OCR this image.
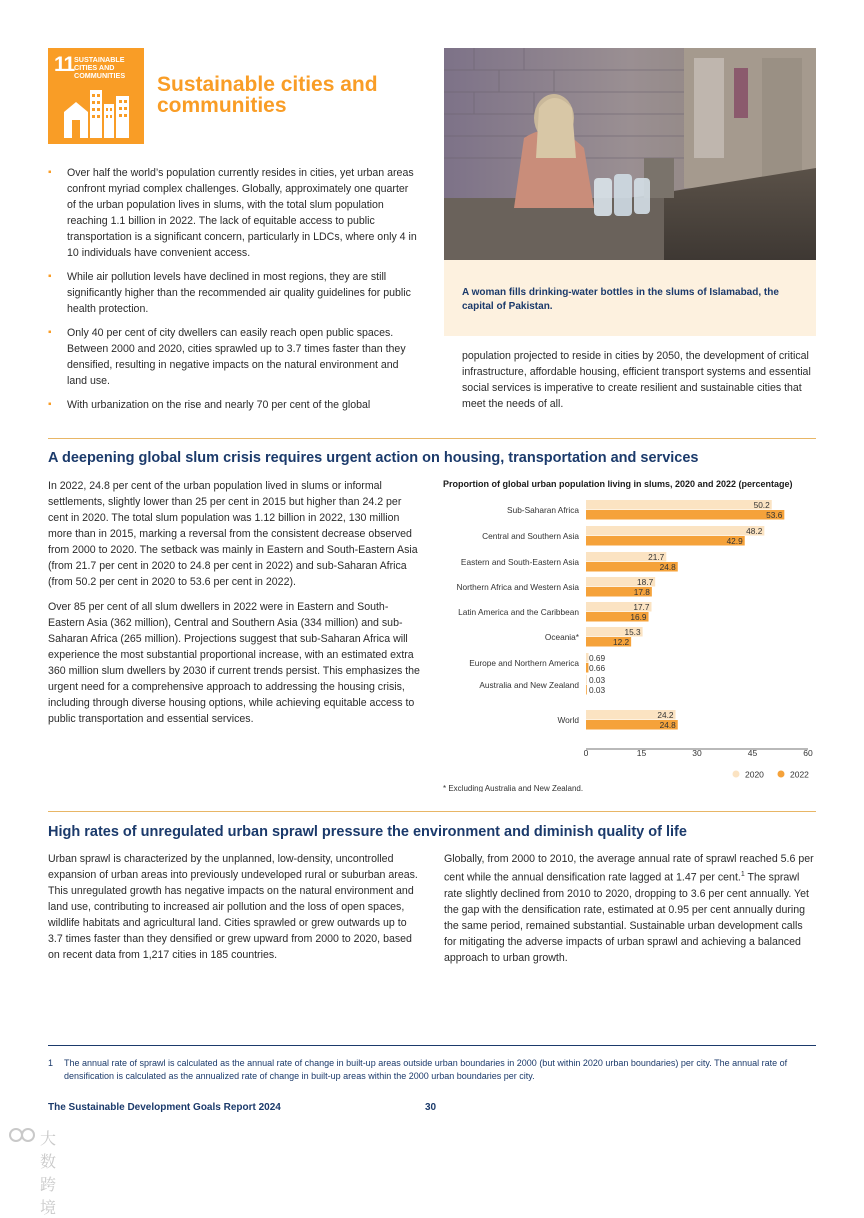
11 SUSTAINABLE CITIES AND COMMUNITIES	Sustainable cities and communities
▪ Over half the world’s population currently resides in cities, yet urban areas confront myriad complex challenges. Globally, approximately one quarter of the urban population lives in slums, with the total slum population reaching 1.1 billion in 2022. The lack of equitable access to public transportation is a significant concern, particularly in LDCs, where only 4 in 10 individuals have convenient access.
▪ While air pollution levels have declined in most regions, they are still significantly higher than the recommended air quality guidelines for public health protection.
▪ Only 40 per cent of city dwellers can easily reach open public spaces. Between 2000 and 2020, cities sprawled up to 3.7 times faster than they densified, resulting in negative impacts on the natural environment and land use.
▪ With urbanization on the rise and nearly 70 per cent of the global
A woman fills drinking-water bottles in the slums of Islamabad, the capital of Pakistan.
population projected to reside in cities by 2050, the development of critical infrastructure, affordable housing, efficient transport systems and essential social services is imperative to create resilient and sustainable cities that meet the needs of all.
A deepening global slum crisis requires urgent action on housing, transportation and services
In 2022, 24.8 per cent of the urban population lived in slums or informal settlements, slightly lower than 25 per cent in 2015 but higher than 24.2 per cent in 2020. The total slum population was 1.12 billion in 2022, 130 million more than in 2015, marking a reversal from the consistent decrease observed from 2000 to 2020. The setback was mainly in Eastern and South-Eastern Asia (from 21.7 per cent in 2020 to 24.8 per cent in 2022) and sub-Saharan Africa (from 50.2 per cent in 2020 to 53.6 per cent in 2022).
Over 85 per cent of all slum dwellers in 2022 were in Eastern and South-Eastern Asia (362 million), Central and Southern Asia (334 million) and sub-Saharan Africa (265 million). Projections suggest that sub-Saharan Africa will experience the most substantial proportional increase, with an estimated extra 360 million slum dwellers by 2030 if current trends persist. This emphasizes the urgent need for a comprehensive approach to addressing the housing crisis, including through diverse housing options, while achieving equitable access to public transportation and essential services.
Proportion of global urban population living in slums, 2020 and 2022 (percentage)
0	15	30	45	60
Sub-Saharan Africa	50.2
53.6
Central and Southern Asia	48.2
42.9
Eastern and South-Eastern Asia	21.7
24.8
Northern Africa and Western Asia	18.7
17.8
Latin America and the Caribbean	17.7
16.9
Oceania*	15.3
12.2
Europe and Northern America 0.69
0.66
Australia and New Zealand 0.03
0.03
World	24.2
24.8
2020	2022
* Excluding Australia and New Zealand.
High rates of unregulated urban sprawl pressure the environment and diminish quality of life
Urban sprawl is characterized by the unplanned, low-density, uncontrolled expansion of urban areas into previously undeveloped rural or suburban areas. This unregulated growth has negative impacts on the natural environment and land use, contributing to increased air pollution and the loss of open spaces, wildlife habitats and agricultural land. Cities sprawled or grew outwards up to 3.7 times faster than they densified or grew upward from 2000 to 2020, based on recent data from 1,217 cities in 185 countries.
Globally, from 2000 to 2010, the average annual rate of sprawl reached 5.6 per cent while the annual densification rate lagged at 1.47 per cent.$^1$ The sprawl rate slightly declined from 2010 to 2020, dropping to 3.6 per cent annually. Yet the gap with the densification rate, estimated at 0.95 per cent annually during the same period, remained substantial. Sustainable urban development calls for mitigating the adverse impacts of urban sprawl and achieving a balanced approach to urban growth.
1 The annual rate of sprawl is calculated as the annual rate of change in built-up areas outside urban boundaries in 2000 (but within 2020 urban boundaries) per city. The annual rate of densification is calculated as the annualized rate of change in built-up areas within the 2000 urban boundaries per city.
The Sustainable Development Goals Report 2024	30
大数跨境
